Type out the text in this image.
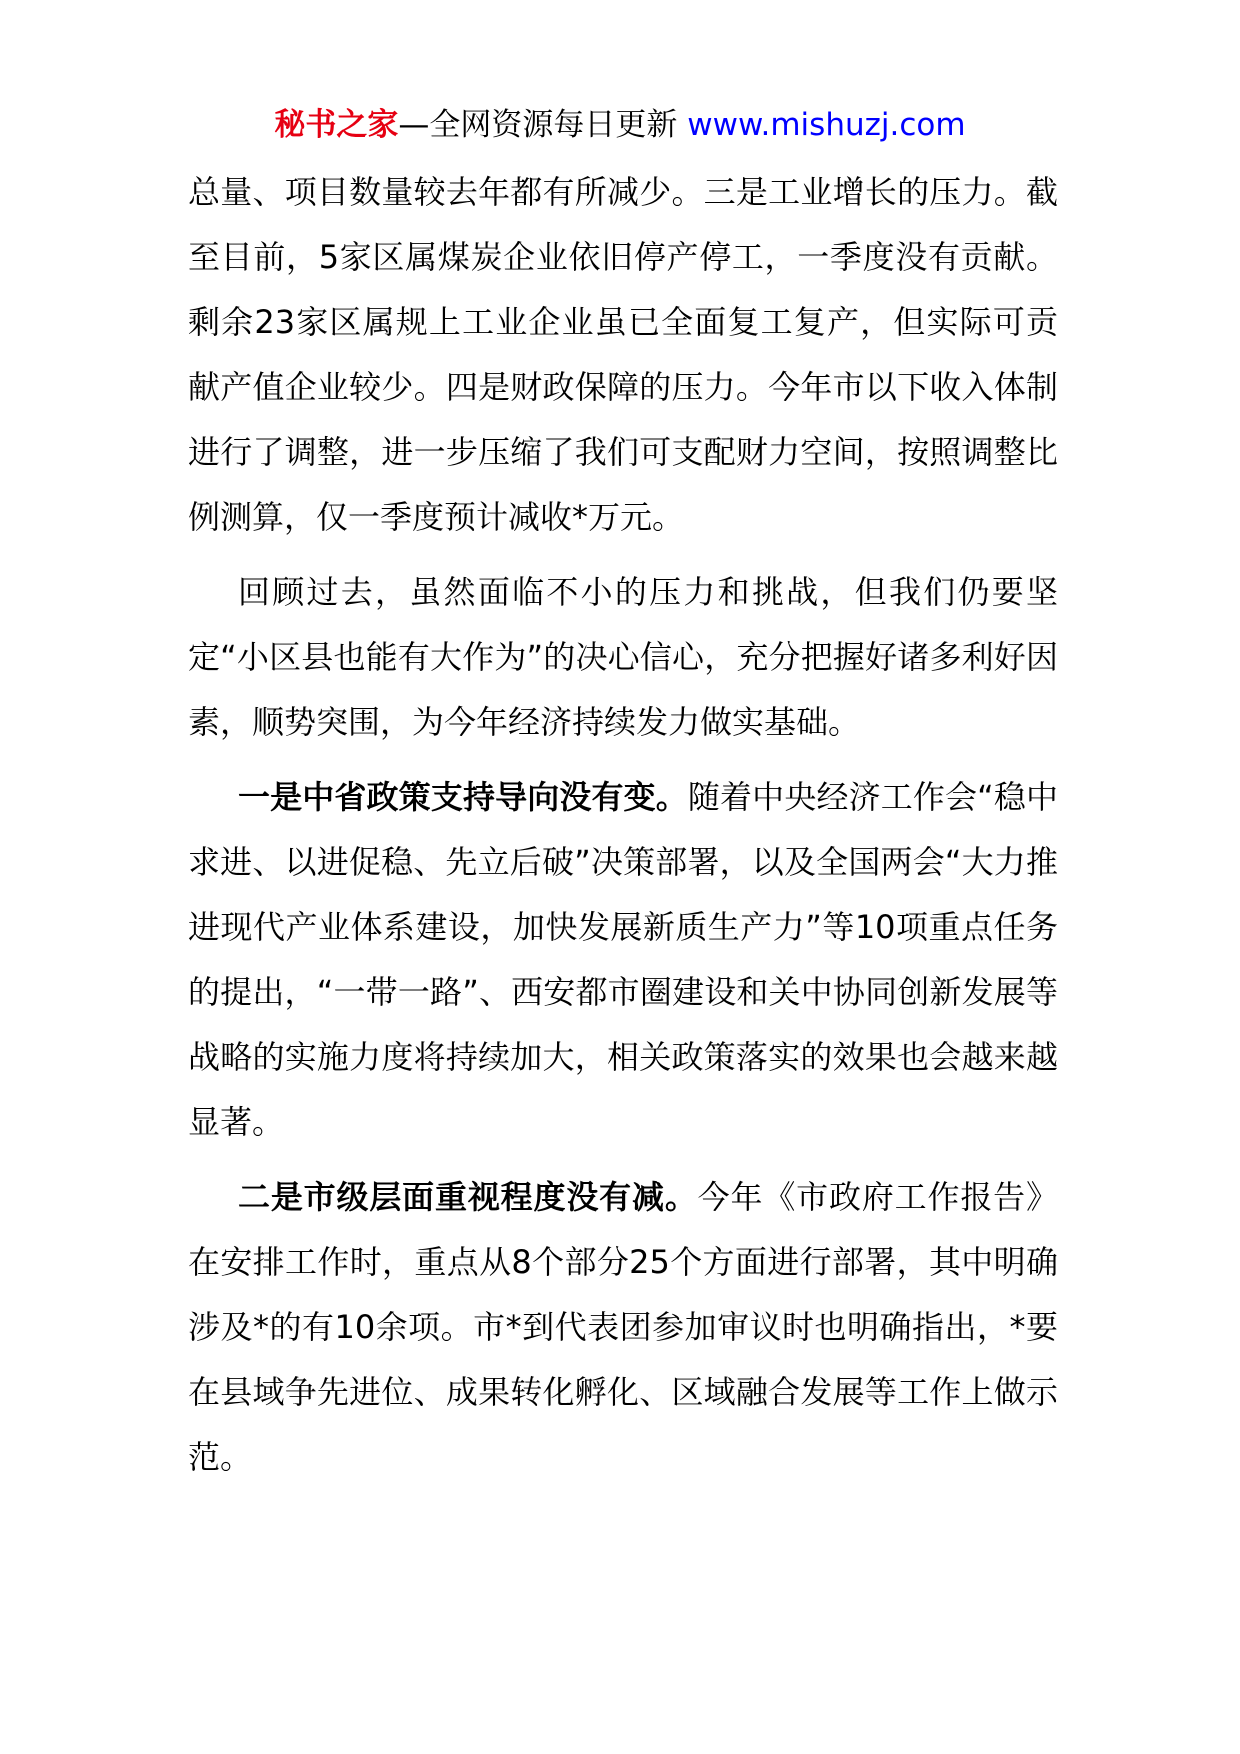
秘书之家—全网资源每日更新 www.mishuzj.com

总量、项目数量较去年都有所减少。三是工业增长的压力。截至目前，5家区属煤炭企业依旧停产停工，一季度没有贡献。剩余23家区属规上工业企业虽已全面复工复产，但实际可贡献产值企业较少。四是财政保障的压力。今年市以下收入体制进行了调整，进一步压缩了我们可支配财力空间，按照调整比例测算，仅一季度预计减收*万元。

回顾过去，虽然面临不小的压力和挑战，但我们仍要坚定“小区县也能有大作为”的决心信心，充分把握好诸多利好因素，顺势突围，为今年经济持续发力做实基础。

一是中省政策支持导向没有变。随着中央经济工作会“稳中求进、以进促稳、先立后破”决策部署，以及全国两会“大力推进现代产业体系建设，加快发展新质生产力”等10项重点任务的提出，“一带一路”、西安都市圈建设和关中协同创新发展等战略的实施力度将持续加大，相关政策落实的效果也会越来越显著。

二是市级层面重视程度没有减。今年《市政府工作报告》在安排工作时，重点从8个部分25个方面进行部署，其中明确涉及*的有10余项。市*到代表团参加审议时也明确指出，*要在县域争先进位、成果转化孵化、区域融合发展等工作上做示范。
